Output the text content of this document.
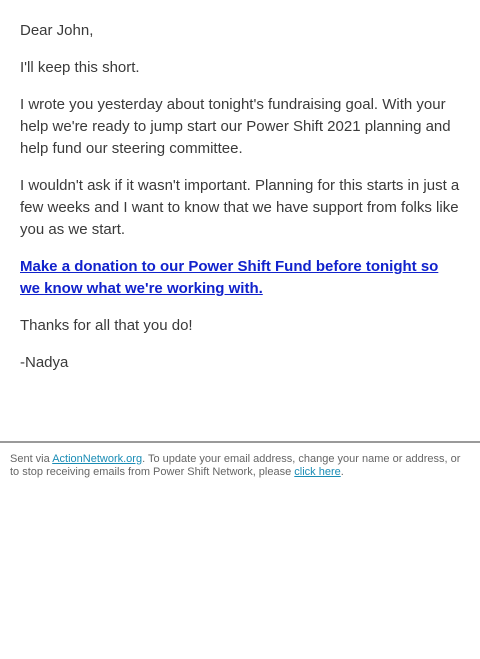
Dear John,

I'll keep this short.

I wrote you yesterday about tonight's fundraising goal. With your help we're ready to jump start our Power Shift 2021 planning and help fund our steering committee.

I wouldn't ask if it wasn't important. Planning for this starts in just a few weeks and I want to know that we have support from folks like you as we start.

Make a donation to our Power Shift Fund before tonight so we know what we're working with.

Thanks for all that you do!

-Nadya

Sent via ActionNetwork.org. To update your email address, change your name or address, or to stop receiving emails from Power Shift Network, please click here.
